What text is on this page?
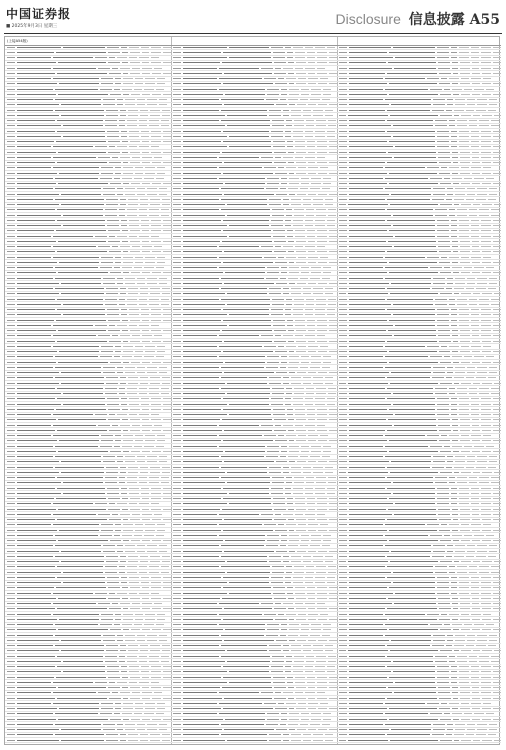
中国证券报
■ 2025年9月3日 星期三	Disclosure 信息披露 A55
(上接A54版)
